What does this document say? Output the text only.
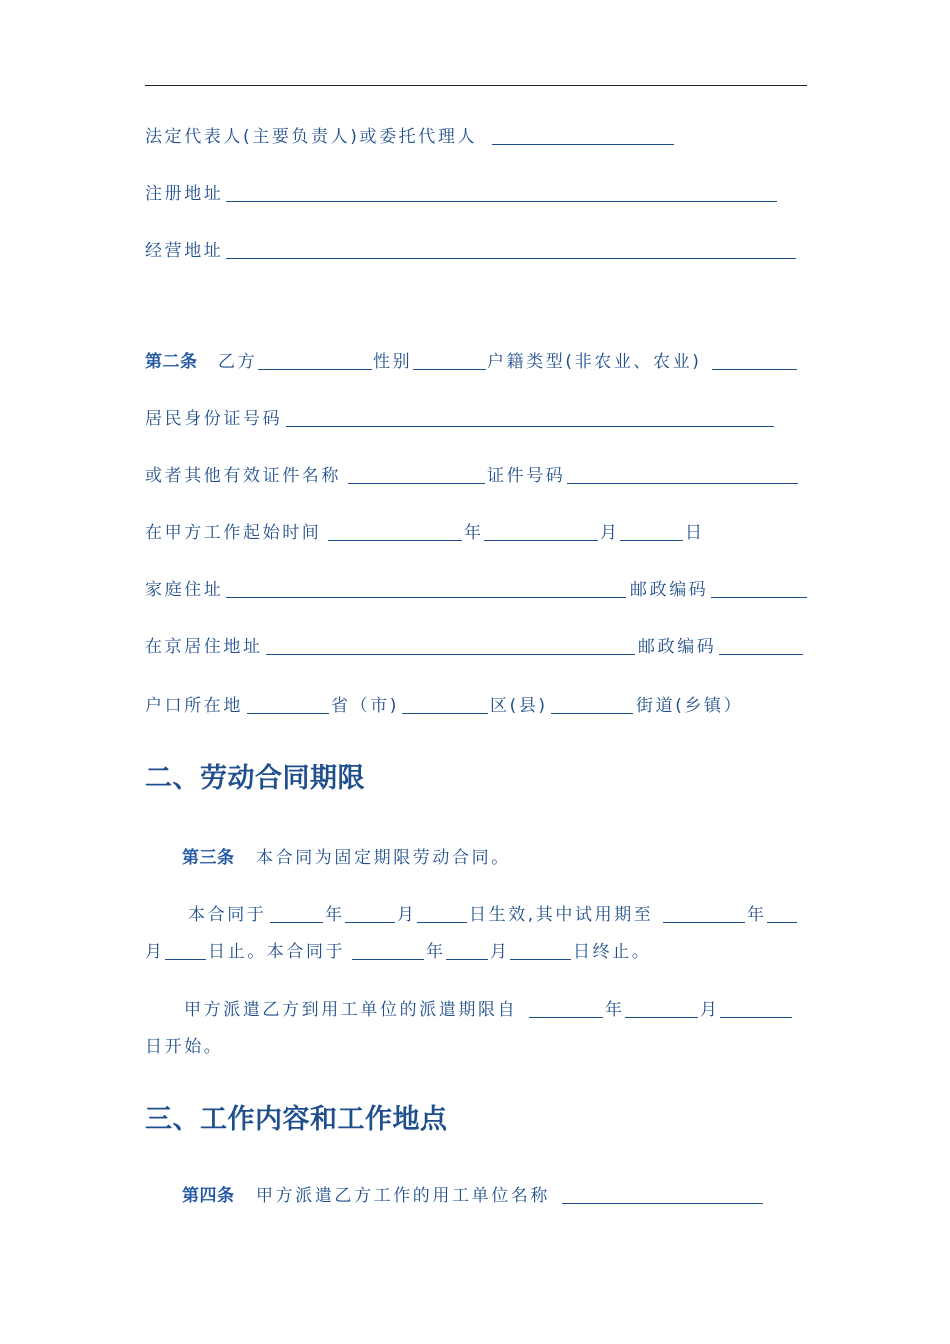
法定代表人(主要负责人)或委托代理人
注册地址
经营地址
第二条 乙方	性别	户籍类型(非农业、农业)
居民身份证号码
或者其他有效证件名称	证件号码
在甲方工作起始时间	年	月	日
家庭住址	邮政编码
在京居住地址	邮政编码
户口所在地	省（市)	区(县)	街道(乡镇）
二、劳动合同期限
第三条 本合同为固定期限劳动合同。
本合同于	年	月	日生效,其中试用期至	年
月	日止。本合同于	年	月	日终止。
甲方派遣乙方到用工单位的派遣期限自	年	月
日开始。
三、工作内容和工作地点
第四条 甲方派遣乙方工作的用工单位名称
